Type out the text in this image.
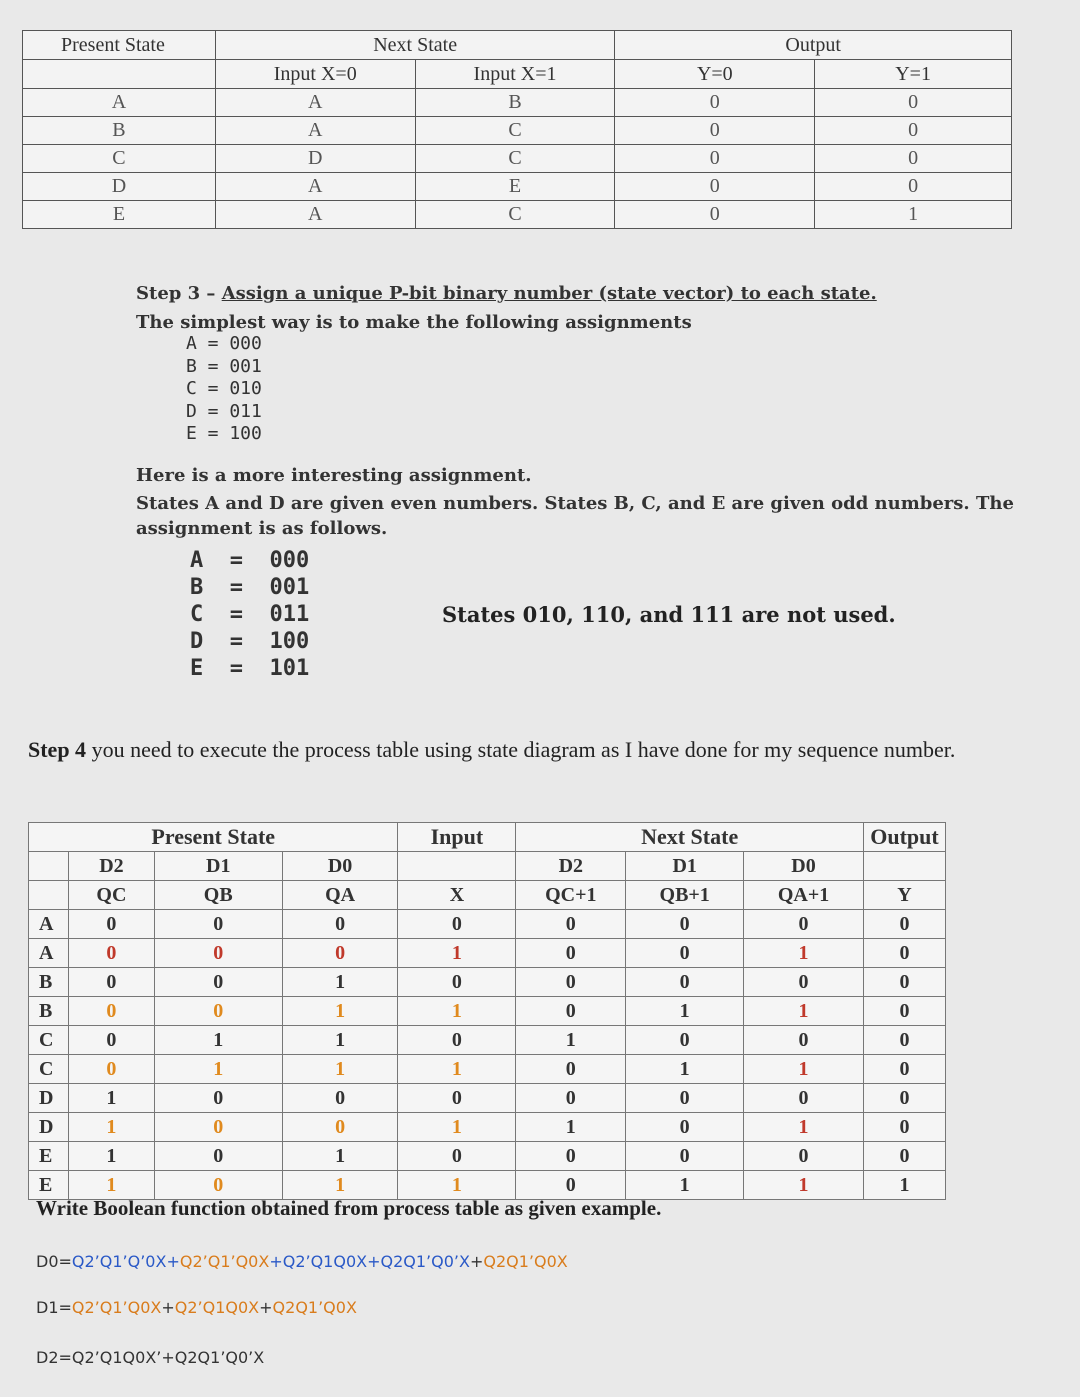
Present State	Next State		Output	
	Input X=0	Input X=1	Y=0	Y=1
A	A	B	0	0
B	A	C	0	0
C	D	C	0	0
D	A	E	0	0
E	A	C	0	1
Step 3 – Assign a unique P-bit binary number (state vector) to each state.
The simplest way is to make the following assignments
A = 000
B = 001
C = 010
D = 011
E = 100
Here is a more interesting assignment.
States A and D are given even numbers. States B, C, and E are given odd numbers. The assignment is as follows.
A  =  000
B  =  001
C  =  011
D  =  100
E  =  101
States 010, 110, and 111 are not used.
Step 4 you need to execute the process table using state diagram as I have done for my sequence number.
Present State				Input	Next State			Output
	D2	D1	D0		D2	D1	D0	
	QC	QB	QA	X	QC+1	QB+1	QA+1	Y
A	0	0	0	0	0	0	0	0
A	0	0	0	1	0	0	1	0
B	0	0	1	0	0	0	0	0
B	0	0	1	1	0	1	1	0
C	0	1	1	0	1	0	0	0
C	0	1	1	1	0	1	1	0
D	1	0	0	0	0	0	0	0
D	1	0	0	1	1	0	1	0
E	1	0	1	0	0	0	0	0
E	1	0	1	1	0	1	1	1
Write Boolean function obtained from process table as given example.
D0=Q2’Q1’Q’0X+Q2’Q1’Q0X+Q2’Q1Q0X+Q2Q1’Q0’X+Q2Q1’Q0X
D1=Q2’Q1’Q0X+Q2’Q1Q0X+Q2Q1’Q0X
D2=Q2’Q1Q0X’+Q2Q1’Q0’X
